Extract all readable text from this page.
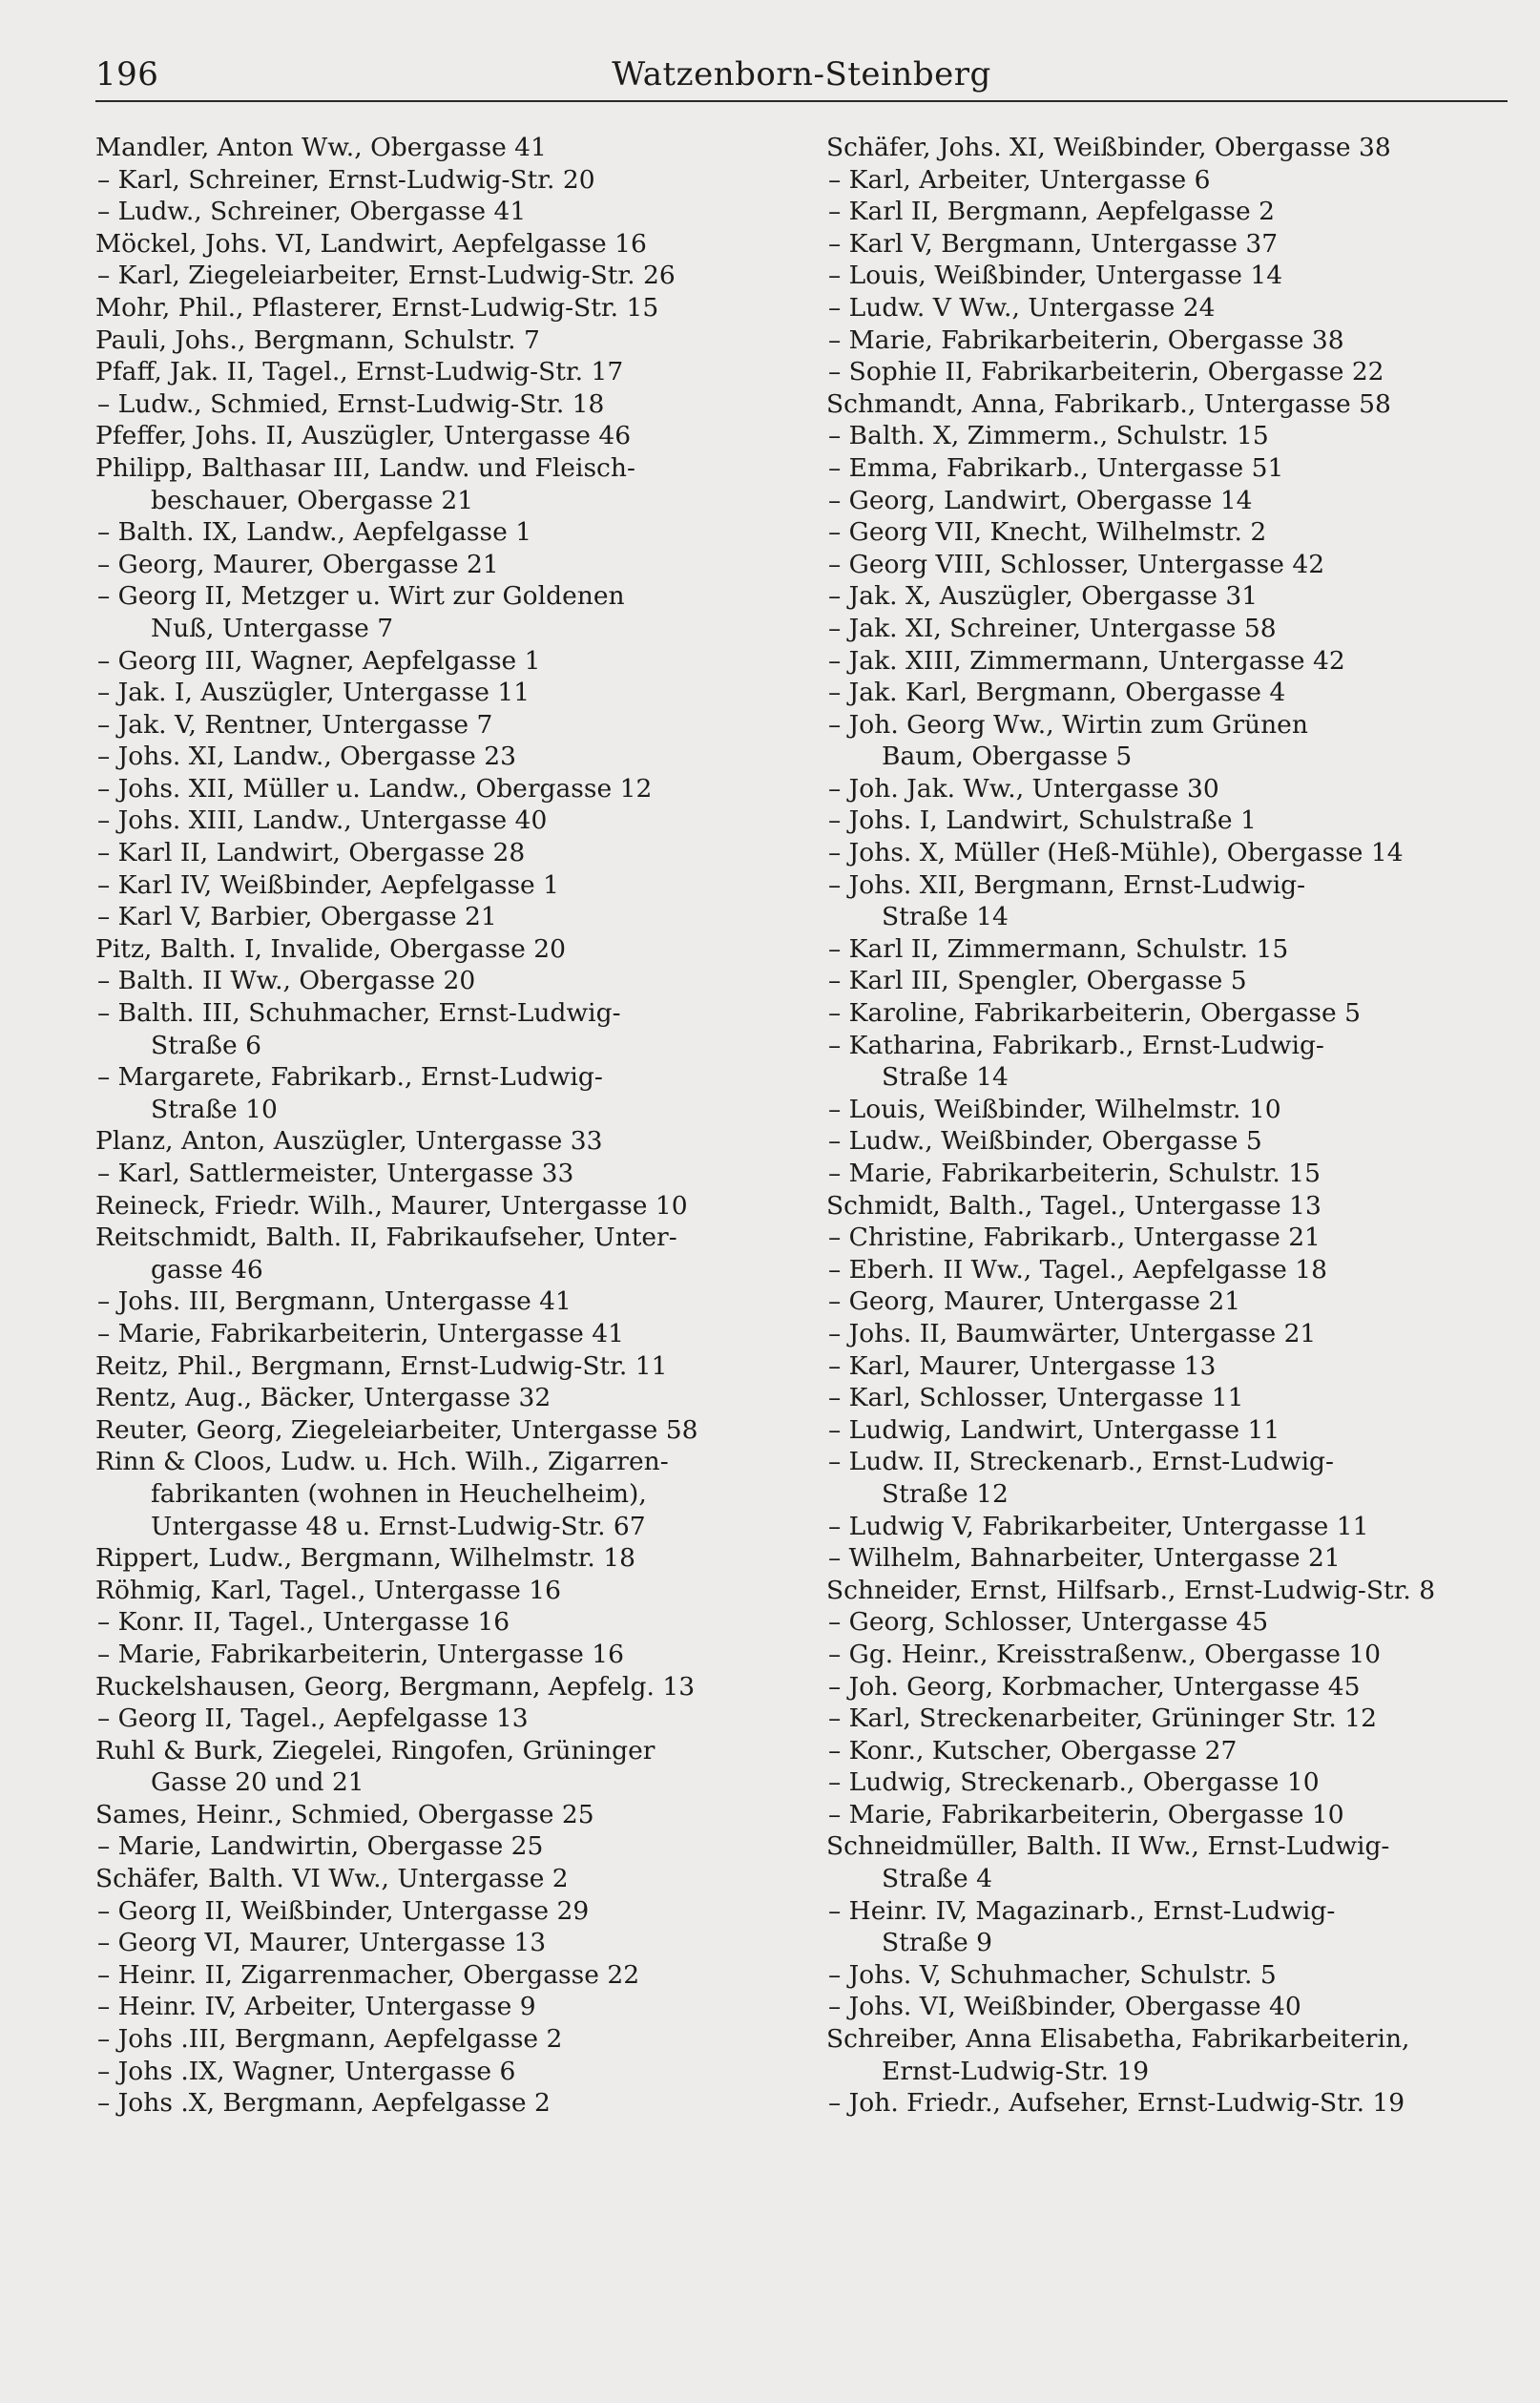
196	Watzenborn-Steinberg
Mandler, Anton Ww., Obergasse 41
– Karl, Schreiner, Ernst-Ludwig-Str. 20
– Ludw., Schreiner, Obergasse 41
Möckel, Johs. VI, Landwirt, Aepfelgasse 16
– Karl, Ziegeleiarbeiter, Ernst-Ludwig-Str. 26
Mohr, Phil., Pflasterer, Ernst-Ludwig-Str. 15
Pauli, Johs., Bergmann, Schulstr. 7
Pfaff, Jak. II, Tagel., Ernst-Ludwig-Str. 17
– Ludw., Schmied, Ernst-Ludwig-Str. 18
Pfeffer, Johs. II, Auszügler, Untergasse 46
Philipp, Balthasar III, Landw. und Fleisch-
beschauer, Obergasse 21
– Balth. IX, Landw., Aepfelgasse 1
– Georg, Maurer, Obergasse 21
– Georg II, Metzger u. Wirt zur Goldenen
Nuß, Untergasse 7
– Georg III, Wagner, Aepfelgasse 1
– Jak. I, Auszügler, Untergasse 11
– Jak. V, Rentner, Untergasse 7
– Johs. XI, Landw., Obergasse 23
– Johs. XII, Müller u. Landw., Obergasse 12
– Johs. XIII, Landw., Untergasse 40
– Karl II, Landwirt, Obergasse 28
– Karl IV, Weißbinder, Aepfelgasse 1
– Karl V, Barbier, Obergasse 21
Pitz, Balth. I, Invalide, Obergasse 20
– Balth. II Ww., Obergasse 20
– Balth. III, Schuhmacher, Ernst-Ludwig-
Straße 6
– Margarete, Fabrikarb., Ernst-Ludwig-
Straße 10
Planz, Anton, Auszügler, Untergasse 33
– Karl, Sattlermeister, Untergasse 33
Reineck, Friedr. Wilh., Maurer, Untergasse 10
Reitschmidt, Balth. II, Fabrikaufseher, Unter-
gasse 46
– Johs. III, Bergmann, Untergasse 41
– Marie, Fabrikarbeiterin, Untergasse 41
Reitz, Phil., Bergmann, Ernst-Ludwig-Str. 11
Rentz, Aug., Bäcker, Untergasse 32
Reuter, Georg, Ziegeleiarbeiter, Untergasse 58
Rinn & Cloos, Ludw. u. Hch. Wilh., Zigarren-
fabrikanten (wohnen in Heuchelheim),
Untergasse 48 u. Ernst-Ludwig-Str. 67
Rippert, Ludw., Bergmann, Wilhelmstr. 18
Röhmig, Karl, Tagel., Untergasse 16
– Konr. II, Tagel., Untergasse 16
– Marie, Fabrikarbeiterin, Untergasse 16
Ruckelshausen, Georg, Bergmann, Aepfelg. 13
– Georg II, Tagel., Aepfelgasse 13
Ruhl & Burk, Ziegelei, Ringofen, Grüninger
Gasse 20 und 21
Sames, Heinr., Schmied, Obergasse 25
– Marie, Landwirtin, Obergasse 25
Schäfer, Balth. VI Ww., Untergasse 2
– Georg II, Weißbinder, Untergasse 29
– Georg VI, Maurer, Untergasse 13
– Heinr. II, Zigarrenmacher, Obergasse 22
– Heinr. IV, Arbeiter, Untergasse 9
– Johs .III, Bergmann, Aepfelgasse 2
– Johs .IX, Wagner, Untergasse 6
– Johs .X, Bergmann, Aepfelgasse 2
Schäfer, Johs. XI, Weißbinder, Obergasse 38
– Karl, Arbeiter, Untergasse 6
– Karl II, Bergmann, Aepfelgasse 2
– Karl V, Bergmann, Untergasse 37
– Louis, Weißbinder, Untergasse 14
– Ludw. V Ww., Untergasse 24
– Marie, Fabrikarbeiterin, Obergasse 38
– Sophie II, Fabrikarbeiterin, Obergasse 22
Schmandt, Anna, Fabrikarb., Untergasse 58
– Balth. X, Zimmerm., Schulstr. 15
– Emma, Fabrikarb., Untergasse 51
– Georg, Landwirt, Obergasse 14
– Georg VII, Knecht, Wilhelmstr. 2
– Georg VIII, Schlosser, Untergasse 42
– Jak. X, Auszügler, Obergasse 31
– Jak. XI, Schreiner, Untergasse 58
– Jak. XIII, Zimmermann, Untergasse 42
– Jak. Karl, Bergmann, Obergasse 4
– Joh. Georg Ww., Wirtin zum Grünen
Baum, Obergasse 5
– Joh. Jak. Ww., Untergasse 30
– Johs. I, Landwirt, Schulstraße 1
– Johs. X, Müller (Heß-Mühle), Obergasse 14
– Johs. XII, Bergmann, Ernst-Ludwig-
Straße 14
– Karl II, Zimmermann, Schulstr. 15
– Karl III, Spengler, Obergasse 5
– Karoline, Fabrikarbeiterin, Obergasse 5
– Katharina, Fabrikarb., Ernst-Ludwig-
Straße 14
– Louis, Weißbinder, Wilhelmstr. 10
– Ludw., Weißbinder, Obergasse 5
– Marie, Fabrikarbeiterin, Schulstr. 15
Schmidt, Balth., Tagel., Untergasse 13
– Christine, Fabrikarb., Untergasse 21
– Eberh. II Ww., Tagel., Aepfelgasse 18
– Georg, Maurer, Untergasse 21
– Johs. II, Baumwärter, Untergasse 21
– Karl, Maurer, Untergasse 13
– Karl, Schlosser, Untergasse 11
– Ludwig, Landwirt, Untergasse 11
– Ludw. II, Streckenarb., Ernst-Ludwig-
Straße 12
– Ludwig V, Fabrikarbeiter, Untergasse 11
– Wilhelm, Bahnarbeiter, Untergasse 21
Schneider, Ernst, Hilfsarb., Ernst-Ludwig-Str. 8
– Georg, Schlosser, Untergasse 45
– Gg. Heinr., Kreisstraßenw., Obergasse 10
– Joh. Georg, Korbmacher, Untergasse 45
– Karl, Streckenarbeiter, Grüninger Str. 12
– Konr., Kutscher, Obergasse 27
– Ludwig, Streckenarb., Obergasse 10
– Marie, Fabrikarbeiterin, Obergasse 10
Schneidmüller, Balth. II Ww., Ernst-Ludwig-
Straße 4
– Heinr. IV, Magazinarb., Ernst-Ludwig-
Straße 9
– Johs. V, Schuhmacher, Schulstr. 5
– Johs. VI, Weißbinder, Obergasse 40
Schreiber, Anna Elisabetha, Fabrikarbeiterin,
Ernst-Ludwig-Str. 19
– Joh. Friedr., Aufseher, Ernst-Ludwig-Str. 19
